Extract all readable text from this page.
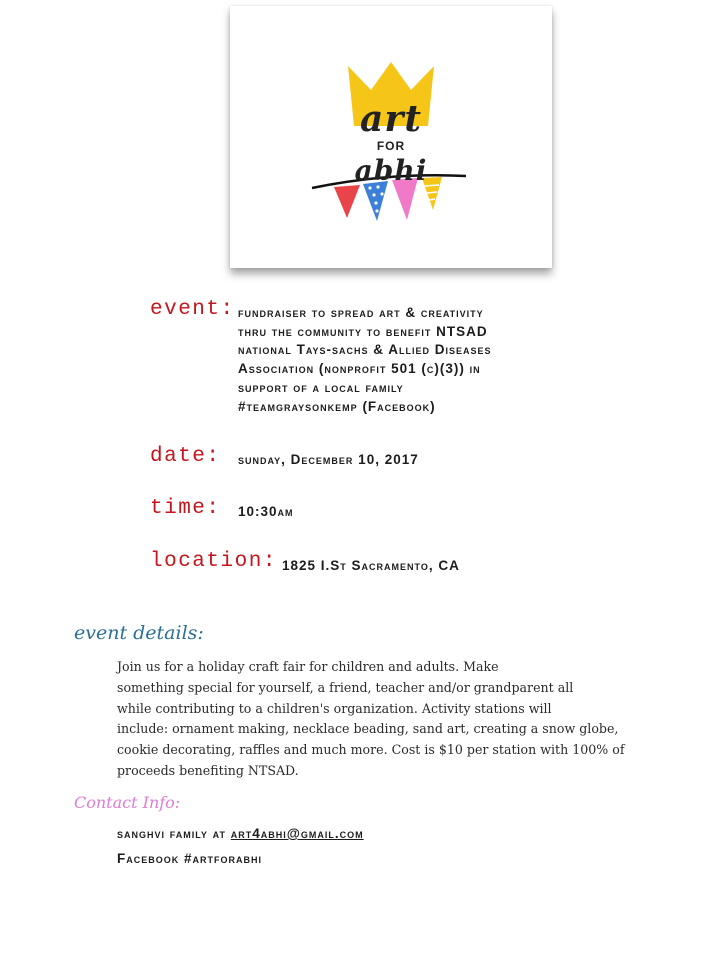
art
FOR
abhi
event: fundraiser to spread art & creativity
thru the community to benefit NTSAD
national Tays-sachs & Allied Diseases
Association (nonprofit 501 (c)(3)) in
support of a local family
#teamgraysonkemp (Facebook)
date: sunday, December 10, 2017
time: 10:30am
location: 1825 I.St Sacramento, CA
event details:
Join us for a holiday craft fair for children and adults. Make
something special for yourself, a friend, teacher and/or grandparent all
while contributing to a children's organization. Activity stations will
include: ornament making, necklace beading, sand art, creating a snow globe,
cookie decorating, raffles and much more. Cost is $10 per station with 100% of
proceeds benefiting NTSAD.
Contact Info:
sanghvi family at art4abhi@gmail.com
Facebook #artforabhi
